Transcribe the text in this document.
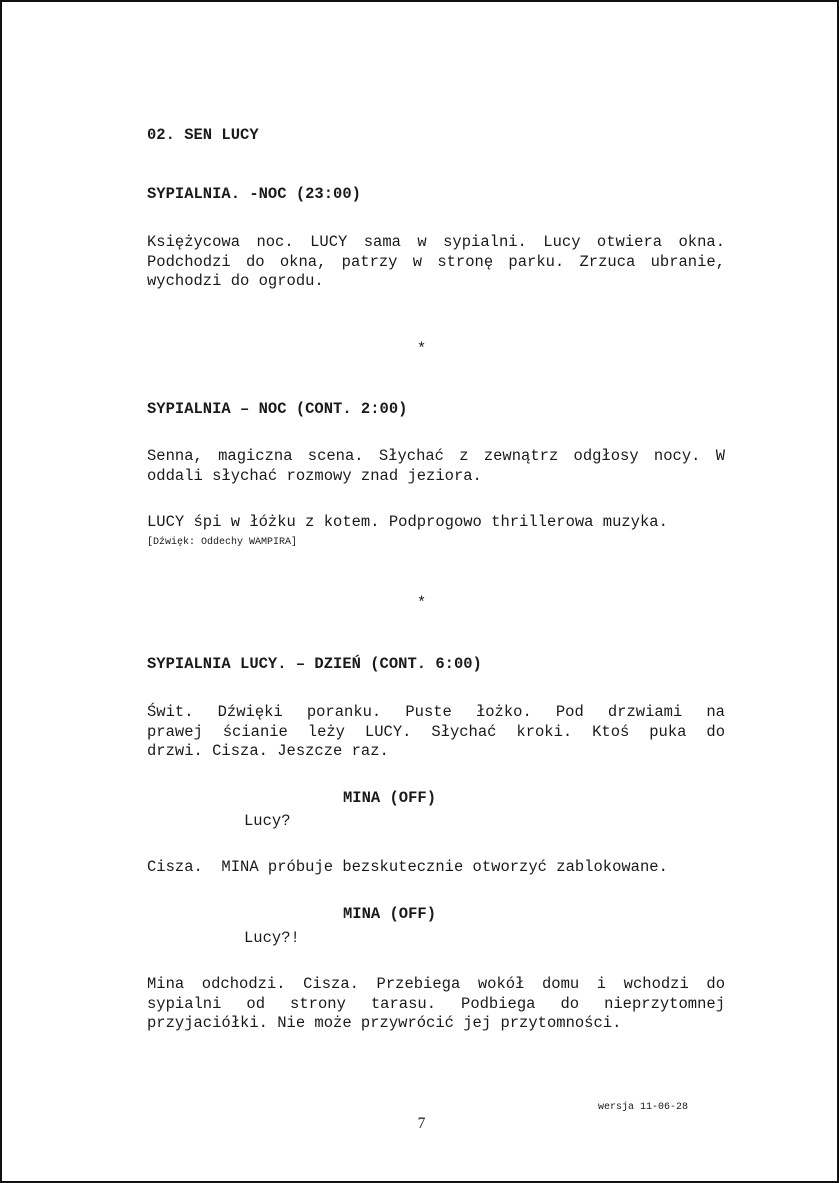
02. SEN LUCY
SYPIALNIA. -NOC (23:00)
Księżycowa noc. LUCY sama w sypialni. Lucy otwiera okna.
Podchodzi do okna, patrzy w stronę parku. Zrzuca ubranie,
wychodzi do ogrodu.
*
SYPIALNIA – NOC (CONT. 2:00)
Senna, magiczna scena. Słychać z zewnątrz odgłosy nocy. W
oddali słychać rozmowy znad jeziora.
LUCY śpi w łóżku z kotem. Podprogowo thrillerowa muzyka.
[Dźwięk: Oddechy WAMPIRA]
*
SYPIALNIA LUCY. – DZIEŃ (CONT. 6:00)
Świt. Dźwięki poranku. Puste łożko. Pod drzwiami na
prawej ścianie leży LUCY. Słychać kroki. Ktoś puka do
drzwi. Cisza. Jeszcze raz.
MINA (OFF)
Lucy?
Cisza.  MINA próbuje bezskutecznie otworzyć zablokowane.
MINA (OFF)
Lucy?!
Mina odchodzi. Cisza. Przebiega wokół domu i wchodzi do
sypialni od strony tarasu. Podbiega do nieprzytomnej
przyjaciółki. Nie może przywrócić jej przytomności.
wersja 11-06-28
7
